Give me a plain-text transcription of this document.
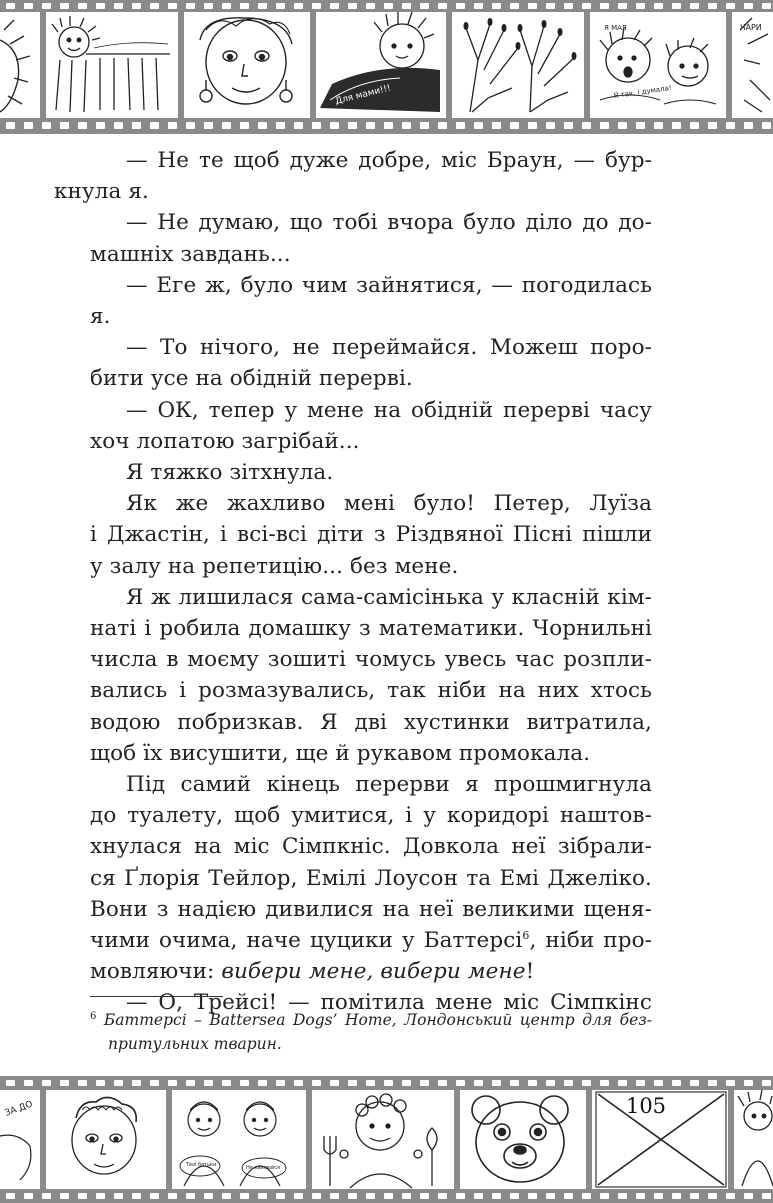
Для мами!!!
Я МАЯ
Я так, і думала!
ЧАРИ

— Не те щоб дуже добре, міс Браун, — бур-
кнула я.

— Не думаю, що тобі вчора було діло до до-
машніх завдань...

— Еге ж, було чим зайнятися, — погодилась я.

— То нічого, не переймайся. Можеш поро-
бити усе на обідній перерві.

— ОК, тепер у мене на обідній перерві часу
хоч лопатою загрібай...

Я тяжко зітхнула.

Як же жахливо мені було! Петер, Луїза
і Джастін, і всі-всі діти з Різдвяної Пісні пішли
у залу на репетицію... без мене.

Я ж лишилася сама-самісінька у класній кім-
наті і робила домашку з математики. Чорнильні
числа в моєму зошиті чомусь увесь час розпли-
вались і розмазувались, так ніби на них хтось
водою побризкав. Я дві хустинки витратила,
щоб їх висушити, ще й рукавом промокала.

Під самий кінець перерви я прошмигнула
до туалету, щоб умитися, і у коридорі наштов-
хнулася на міс Сімпкніс. Довкола неї зібрали-
ся Ґлорія Тейлор, Емілі Лоусон та Емі Джеліко.
Вони з надією дивилися на неї великими щеня-
чими очима, наче цуцики у Баттерсі$^6$, ніби про-
мовляючи: вибери мене, вибери мене!

— О, Трейсі! — помітила мене міс Сімпкінс

$^6$ Баттерсі – Battersea Dogs’ Home, Лондонський центр для без-
притульних тварин.
ЗА ДО
Твої батьки	Не хвилюйся
105
